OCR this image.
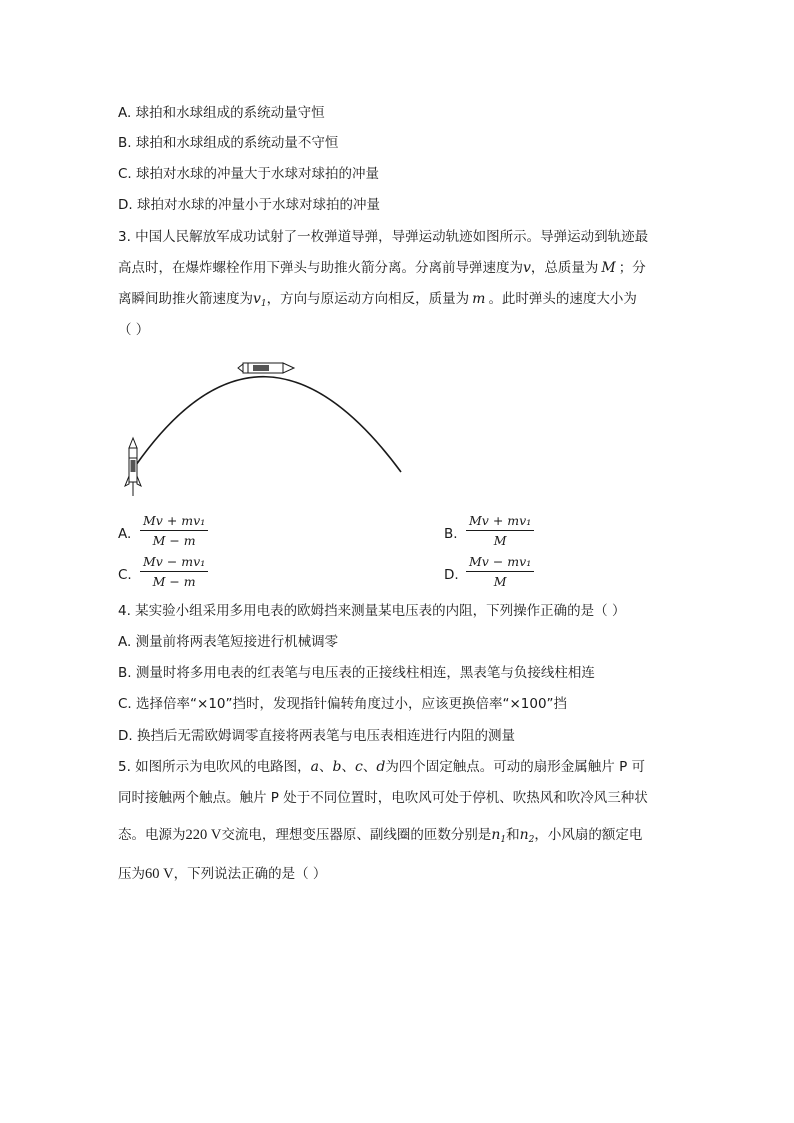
A. 球拍和水球组成的系统动量守恒
B. 球拍和水球组成的系统动量不守恒
C. 球拍对水球的冲量大于水球对球拍的冲量
D. 球拍对水球的冲量小于水球对球拍的冲量
3. 中国人民解放军成功试射了一枚弹道导弹，导弹运动轨迹如图所示。导弹运动到轨迹最
高点时，在爆炸螺栓作用下弹头与助推火箭分离。分离前导弹速度为v，总质量为 M ；分
离瞬间助推火箭速度为$v_1$，方向与原运动方向相反，质量为 m 。此时弹头的速度大小为
（ ）
A.
Mv + mv₁
M − m	B.
Mv + mv₁
M
C.
Mv − mv₁
M − m	D.
Mv − mv₁
M
4. 某实验小组采用多用电表的欧姆挡来测量某电压表的内阻，下列操作正确的是（ ）
A. 测量前将两表笔短接进行机械调零
B. 测量时将多用电表的红表笔与电压表的正接线柱相连，黑表笔与负接线柱相连
C. 选择倍率“×10”挡时，发现指针偏转角度过小，应该更换倍率“×100”挡
D. 换挡后无需欧姆调零直接将两表笔与电压表相连进行内阻的测量
5. 如图所示为电吹风的电路图，a、b、c、d为四个固定触点。可动的扇形金属触片 P 可
同时接触两个触点。触片 P 处于不同位置时，电吹风可处于停机、吹热风和吹冷风三种状
态。电源为220 V交流电，理想变压器原、副线圈的匝数分别是$n_1$和$n_2$，小风扇的额定电
压为60 V，下列说法正确的是（ ）
